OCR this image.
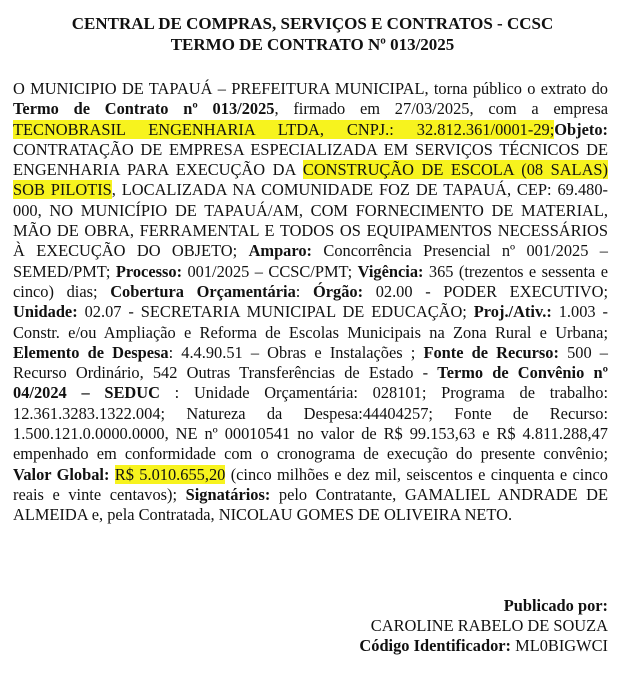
CENTRAL DE COMPRAS, SERVIÇOS E CONTRATOS - CCSC
TERMO DE CONTRATO Nº 013/2025
O MUNICIPIO DE TAPAUÁ – PREFEITURA MUNICIPAL, torna público o extrato do Termo de Contrato nº 013/2025, firmado em 27/03/2025, com a empresa TECNOBRASIL ENGENHARIA LTDA, CNPJ.: 32.812.361/0001-29;Objeto: CONTRATAÇÃO DE EMPRESA ESPECIALIZADA EM SERVIÇOS TÉCNICOS DE ENGENHARIA PARA EXECUÇÃO DA CONSTRUÇÃO DE ESCOLA (08 SALAS) SOB PILOTIS, LOCALIZADA NA COMUNIDADE FOZ DE TAPAUÁ, CEP: 69.480-000, NO MUNICÍPIO DE TAPAUÁ/AM, COM FORNECIMENTO DE MATERIAL, MÃO DE OBRA, FERRAMENTAL E TODOS OS EQUIPAMENTOS NECESSÁRIOS À EXECUÇÃO DO OBJETO; Amparo: Concorrência Presencial nº 001/2025 – SEMED/PMT; Processo: 001/2025 – CCSC/PMT; Vigência: 365 (trezentos e sessenta e cinco) dias; Cobertura Orçamentária: Órgão: 02.00 - PODER EXECUTIVO; Unidade: 02.07 - SECRETARIA MUNICIPAL DE EDUCAÇÃO; Proj./Ativ.: 1.003 - Constr. e/ou Ampliação e Reforma de Escolas Municipais na Zona Rural e Urbana; Elemento de Despesa: 4.4.90.51 – Obras e Instalações ; Fonte de Recurso: 500 – Recurso Ordinário, 542 Outras Transferências de Estado - Termo de Convênio nº 04/2024 – SEDUC : Unidade Orçamentária: 028101; Programa de trabalho: 12.361.3283.1322.004; Natureza da Despesa:44404257; Fonte de Recurso: 1.500.121.0.0000.0000, NE nº 00010541 no valor de R$ 99.153,63 e R$ 4.811.288,47 empenhado em conformidade com o cronograma de execução do presente convênio; Valor Global: R$ 5.010.655,20 (cinco milhões e dez mil, seiscentos e cinquenta e cinco reais e vinte centavos); Signatários: pelo Contratante, GAMALIEL ANDRADE DE ALMEIDA e, pela Contratada, NICOLAU GOMES DE OLIVEIRA NETO.
Publicado por:
CAROLINE RABELO DE SOUZA
Código Identificador: ML0BIGWCI
